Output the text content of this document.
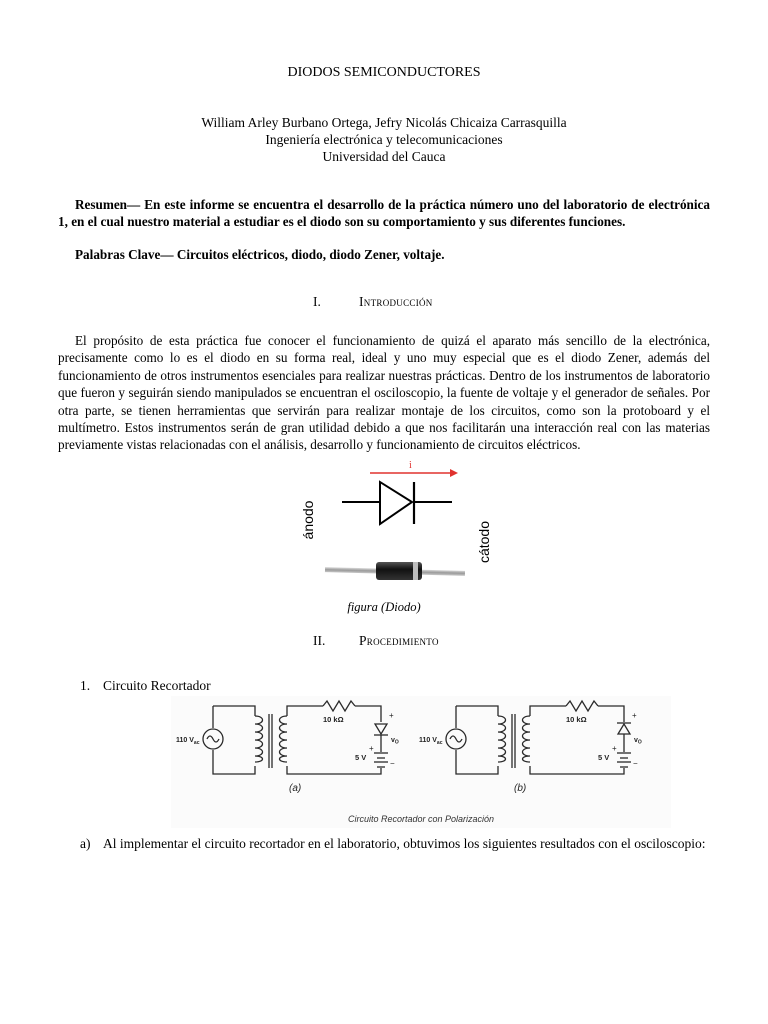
DIODOS SEMICONDUCTORES
William Arley Burbano Ortega, Jefry Nicolás Chicaiza Carrasquilla
Ingeniería electrónica y telecomunicaciones
Universidad del Cauca
Resumen— En este informe se encuentra el desarrollo de la práctica número uno del laboratorio de electrónica 1, en el cual nuestro material a estudiar es el diodo son su comportamiento y sus diferentes funciones.
Palabras Clave— Circuitos eléctricos, diodo, diodo Zener, voltaje.
I.	Introducción
El propósito de esta práctica fue conocer el funcionamiento de quizá el aparato más sencillo de la electrónica, precisamente como lo es el diodo en su forma real, ideal y uno muy especial que es el diodo Zener, además del funcionamiento de otros instrumentos esenciales para realizar nuestras prácticas. Dentro de los instrumentos de laboratorio que fueron y seguirán siendo manipulados se encuentran el osciloscopio, la fuente de voltaje y el generador de señales. Por otra parte, se tienen herramientas que servirán para realizar montaje de los circuitos, como son la protoboard y el multímetro. Estos instrumentos serán de gran utilidad debido a que nos facilitarán una interacción real con las materias previamente vistas relacionadas con el análisis, desarrollo y funcionamiento de circuitos eléctricos.
i
ánodo
cátodo
figura (Diodo)
II. Procedimiento
1. Circuito Recortador
110 $V_{ac}$
10 kΩ
5 V
+
+
$v_O$
−
(a)
110 $V_{ac}$
10 kΩ
5 V
+
+
$v_O$
−
(b)
Circuito Recortador con Polarización
a) Al implementar el circuito recortador en el laboratorio, obtuvimos los siguientes resultados con el osciloscopio:
